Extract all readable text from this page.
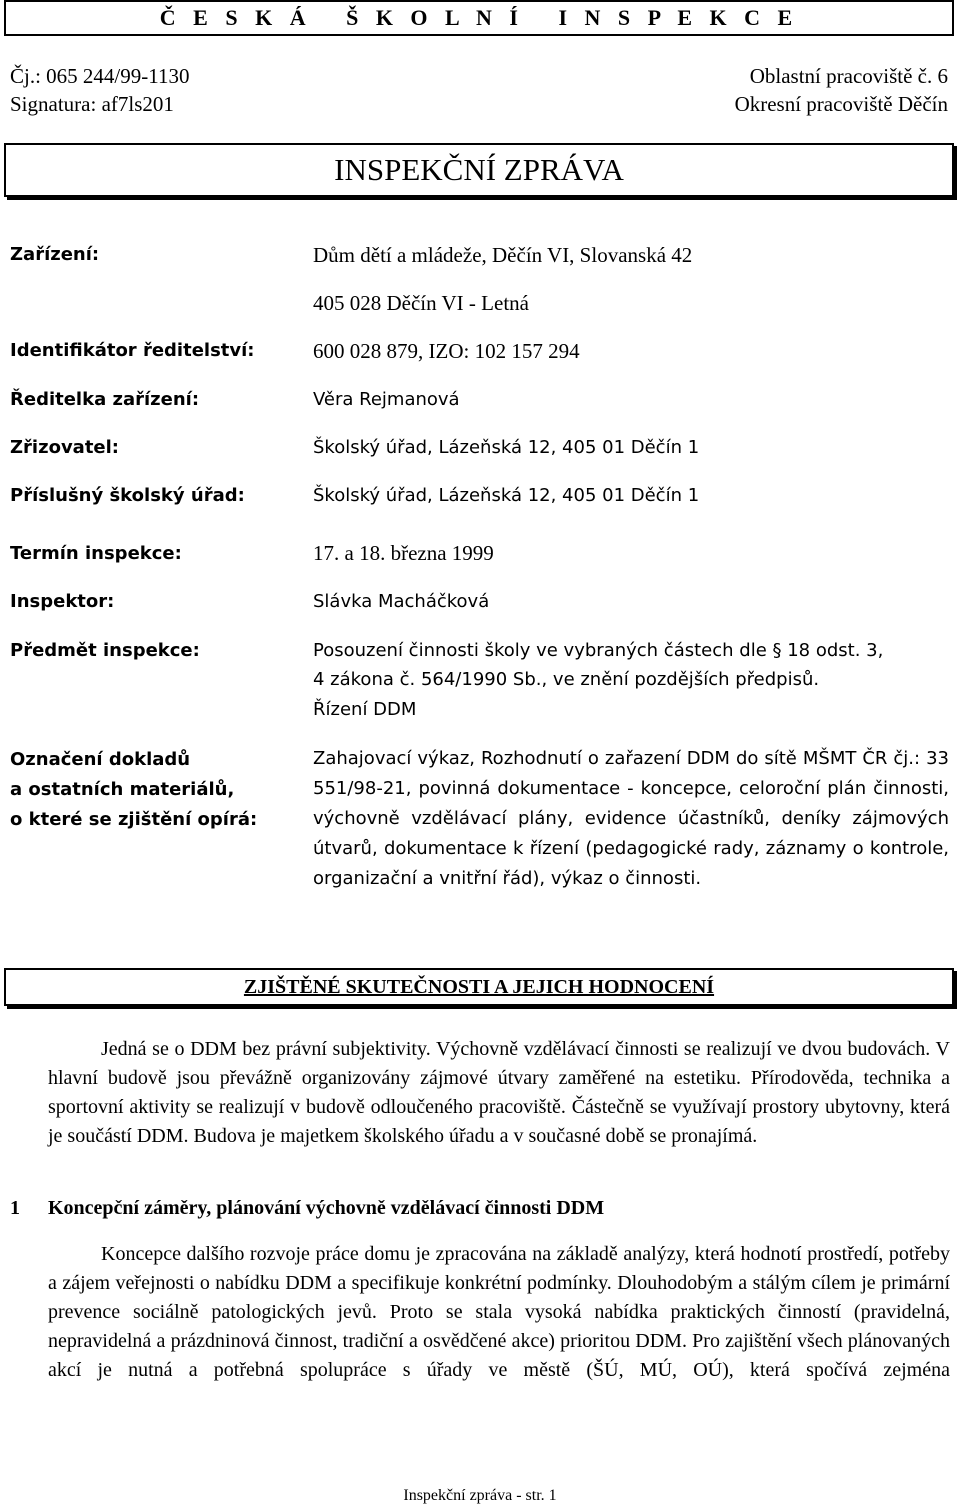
Č E S K Á   Š K O L N Í   I N S P E K C E
Čj.: 065 244/99-1130
Signatura: af7ls201
Oblastní pracoviště č. 6
Okresní pracoviště Děčín
INSPEKČNÍ ZPRÁVA
Zařízení:	Dům dětí a mládeže, Děčín VI, Slovanská 42
405 028 Děčín VI - Letná
Identifikátor ředitelství:	600 028 879, IZO: 102 157 294
Ředitelka zařízení:	Věra Rejmanová
Zřizovatel:	Školský úřad, Lázeňská 12, 405 01 Děčín 1
Příslušný školský úřad:	Školský úřad, Lázeňská 12, 405 01 Děčín 1
Termín inspekce:	17. a 18. března 1999
Inspektor:	Slávka Macháčková
Předmět inspekce:	Posouzení činnosti školy ve vybraných částech dle § 18 odst. 3,
4 zákona č. 564/1990 Sb., ve znění pozdějších předpisů.
Řízení DDM
Označení dokladů
a ostatních materiálů,
o které se zjištění opírá:
Zahajovací výkaz, Rozhodnutí o zařazení DDM do sítě MŠMT ČR čj.: 33 551/98-21, povinná dokumentace - koncepce, celoroční plán činnosti, výchovně vzdělávací plány, evidence účastníků, deníky zájmových útvarů, dokumentace k řízení (pedagogické rady, záznamy o kontrole, organizační a vnitřní řád), výkaz o činnosti.
ZJIŠTĚNÉ SKUTEČNOSTI A JEJICH HODNOCENÍ

Jedná se o DDM bez právní subjektivity. Výchovně vzdělávací činnosti se realizují ve dvou budovách. V hlavní budově jsou převážně organizovány zájmové útvary zaměřené na estetiku. Přírodověda, technika a sportovní aktivity se realizují v budově odloučeného pracoviště. Částečně se využívají prostory ubytovny, která je součástí DDM. Budova je majetkem školského úřadu a v současné době se pronajímá.

1 Koncepční záměry, plánování výchovně vzdělávací činnosti DDM

Koncepce dalšího rozvoje práce domu je zpracována na základě analýzy, která hodnotí prostředí, potřeby a zájem veřejnosti o nabídku DDM a specifikuje konkrétní podmínky. Dlouhodobým a stálým cílem je primární prevence sociálně patologických jevů. Proto se stala vysoká nabídka praktických činností (pravidelná, nepravidelná a prázdninová činnost, tradiční a osvědčené akce) prioritou DDM. Pro zajištění všech plánovaných akcí je nutná a potřebná spolupráce s úřady ve městě (ŠÚ, MÚ, OÚ), která spočívá zejména

Inspekční zpráva - str. 1
